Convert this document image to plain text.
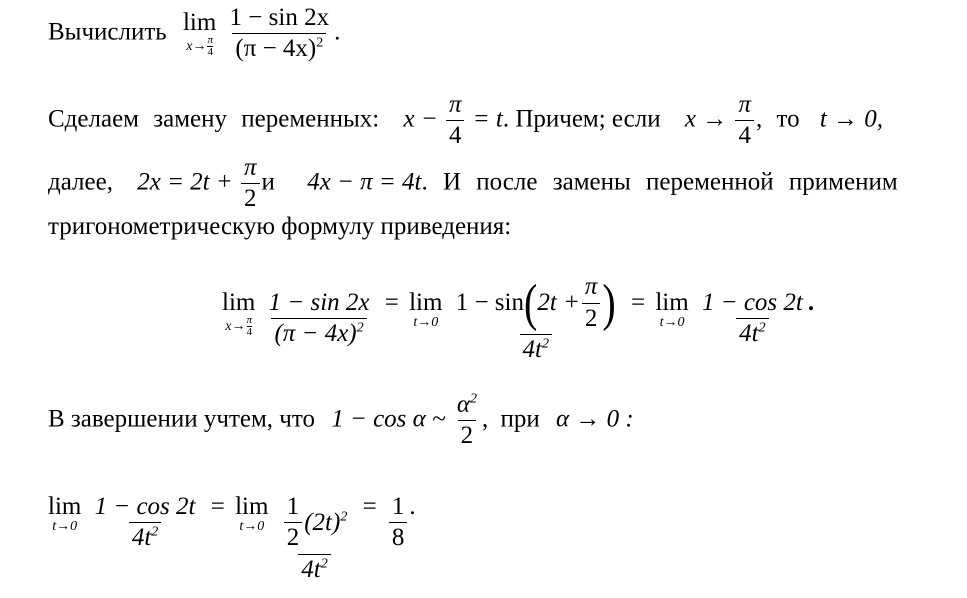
Вычислить lim
x→ π
4
$\frac{1 - \sin 2x}{(\pi - 4x)^2}$ .
Сделаем замену переменных: $x - \frac{\pi}{4} = t$. Причем; если $x \to \frac{\pi}{4}$ , то t → 0,
далее, $2x = 2t + \frac{\pi}{2}$ и 4x − π = 4t. И после замены переменной применим
тригонометрическую формулу приведения:
lim
x→ π
4
$\frac{1 - \sin 2x}{(\pi - 4x)^2} = \lim$
t→0

1 − sin ( $2t + \frac{\pi}{2}$ )
$4t^2$
= lim
t→0
$\frac{1 - \cos 2t}{4t^2}$ .
В завершении учтем, что 1 − cos α ~ $\frac{\alpha^2}{2}$ , при α → 0 :
lim
t→0
$\frac{1 - \cos 2t}{4t^2} = \lim$
t→0
$\frac{\frac{1}{2} (2t)^2}{4t^2} = \frac{1}{8}$ .
